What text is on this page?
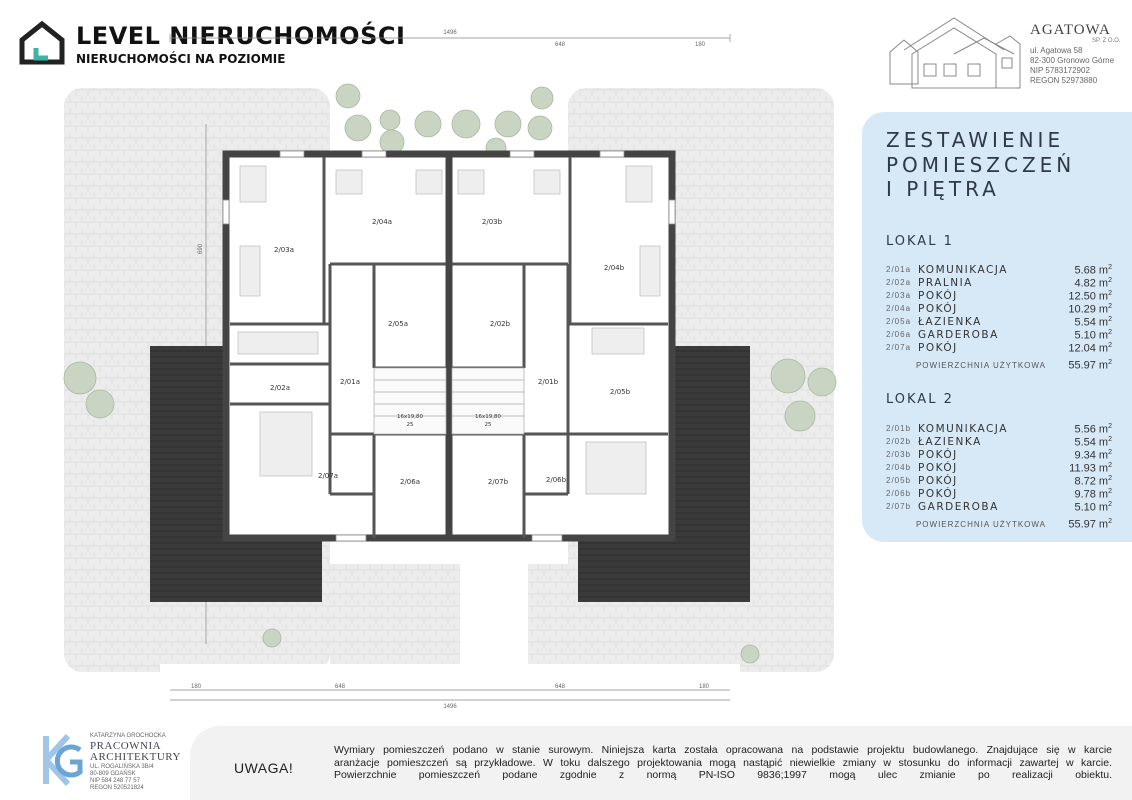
LEVEL NIERUCHOMOŚCI
NIERUCHOMOŚCI NA POZIOMIE
AGATOWA
SP. Z O.O.
ul. Agatowa 58
82-300 Gronowo Górne
NIP 5783172902
REGON 52973880
1496
648	180
180	648	648	180
1496
690
2/01a
2/02a
2/03a
2/04a
2/05a
2/06a
2/07a
2/01b
2/02b
2/03b
2/04b
2/05b
2/06b
2/07b
16x19,80	16x19,80
25	25
ZESTAWIENIE
POMIESZCZEŃ
I PIĘTRA
LOKAL 1
2/01a KOMUNIKACJA	5.68 $m^2$
2/02a PRALNIA	4.82 $m^2$
2/03a POKÓJ	12.50 $m^2$
2/04a POKÓJ	10.29 $m^2$
2/05a ŁAZIENKA	5.54 $m^2$
2/06a GARDEROBA	5.10 $m^2$
2/07a POKÓJ	12.04 $m^2$
POWIERZCHNIA UŻYTKOWA 55.97 $m^2$
LOKAL 2
2/01b KOMUNIKACJA	5.56 $m^2$
2/02b ŁAZIENKA	5.54 $m^2$
2/03b POKÓJ	9.34 $m^2$
2/04b POKÓJ	11.93 $m^2$
2/05b POKÓJ	8.72 $m^2$
2/06b POKÓJ	9.78 $m^2$
2/07b GARDEROBA	5.10 $m^2$
POWIERZCHNIA UŻYTKOWA 55.97 $m^2$
KATARZYNA GROCHOCKA
PRACOWNIA
ARCHITEKTURY
UL. ROGALIŃSKA 3B/4
80-809 GDAŃSK
NIP 584 248 77 57
REGON 520521824
UWAGA!
Wymiary pomieszczeń podano w stanie surowym. Niniejsza karta została opracowana na podstawie projektu budowlanego. Znajdujące się w karcie
aranżacje pomieszczeń są przykładowe. W toku dalszego projektowania mogą nastąpić niewielkie zmiany w stosunku do informacji zawartej w karcie.
Powierzchnie pomieszczeń podane zgodnie z normą PN-ISO 9836;1997 mogą ulec zmianie po realizacji obiektu.
